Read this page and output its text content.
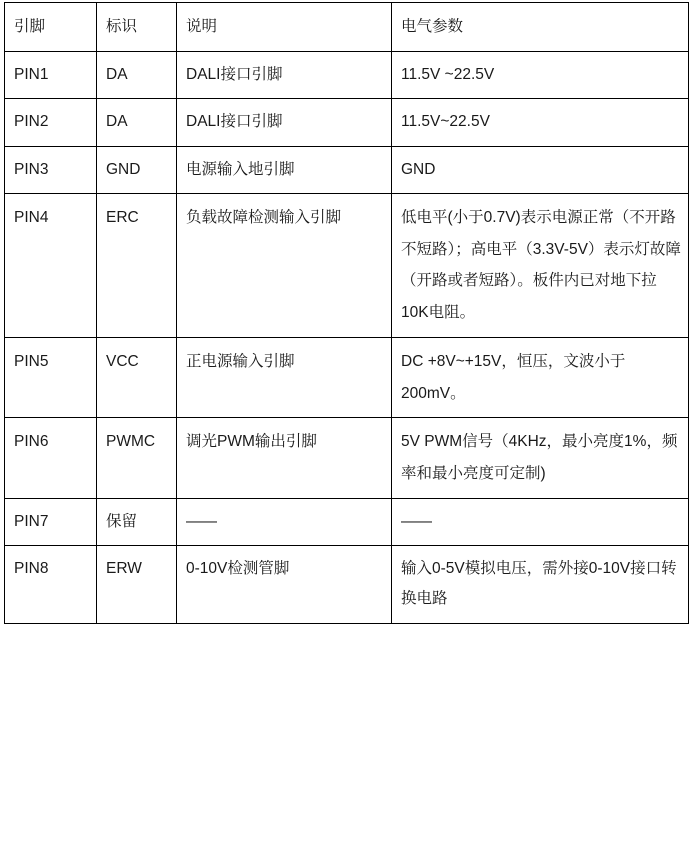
引脚	标识	说明	电气参数

PIN1	DA	DALI接口引脚	11.5V ~22.5V

PIN2	DA	DALI接口引脚	11.5V~22.5V

PIN3	GND	电源输入地引脚	GND

PIN4	ERC	负载故障检测输入引脚	低电平(小于0.7V)表示电源正常（不开路不短路）；高电平（3.3V-5V）表示灯故障（开路或者短路）。板件内已对地下拉10K电阻。

PIN5	VCC	正电源输入引脚	DC +8V~+15V，恒压，文波小于200mV。

PIN6	PWMC	调光PWM输出引脚	5V PWM信号（4KHz，最小亮度1%，频率和最小亮度可定制)

PIN7	保留	——	——

PIN8	ERW	0-10V检测管脚	输入0-5V模拟电压，需外接0-10V接口转换电路
